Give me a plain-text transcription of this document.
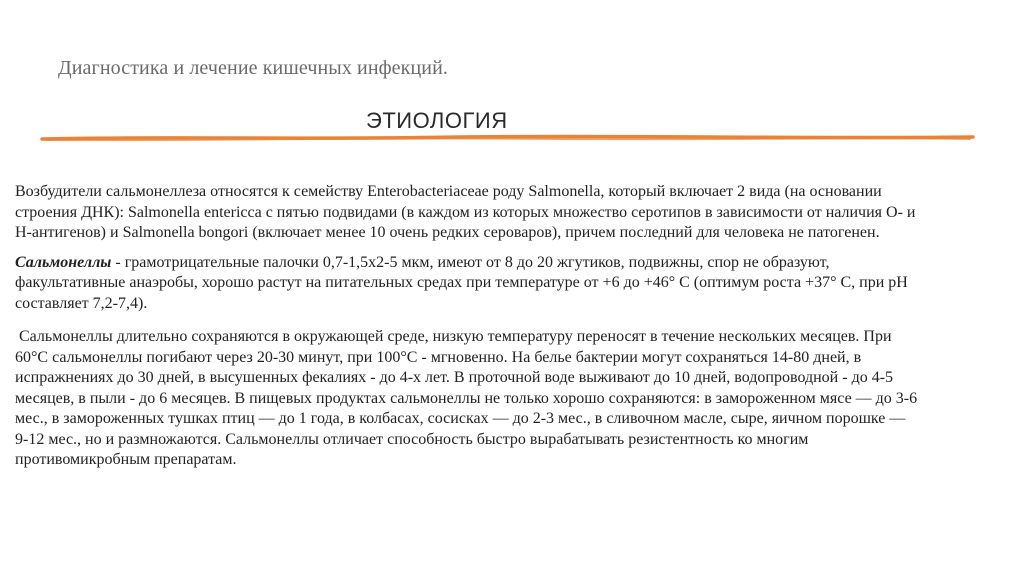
Диагностика и лечение кишечных инфекций.
ЭТИОЛОГИЯ

Возбудители сальмонеллеза относятся к семейству Enterobacteriaceae роду Salmonella, который включает 2 вида (на основании строения ДНК): Salmonella entericca с пятью подвидами (в каждом из которых множество серотипов в зависимости от наличия О- и Н-антигенов) и Salmonella bongori (включает менее 10 очень редких сероваров), причем последний для человека не патогенен.

Сальмонеллы - грамотрицательные палочки 0,7-1,5х2-5 мкм, имеют от 8 до 20 жгутиков, подвижны, спор не образуют, факультативные анаэробы, хорошо растут на питательных средах при температуре от +6 до +46° С (оптимум роста +37° С, при рН составляет 7,2-7,4).

Сальмонеллы длительно сохраняются в окружающей среде, низкую температуру переносят в течение нескольких месяцев. При 60°С сальмонеллы погибают через 20-30 минут, при 100°С - мгновенно. На белье бактерии могут сохраняться 14-80 дней, в испражнениях до 30 дней, в высушенных фекалиях - до 4-х лет. В проточной воде выживают до 10 дней, водопроводной - до 4-5 месяцев, в пыли - до 6 месяцев. В пищевых продуктах сальмонеллы не только хорошо сохраняются: в замороженном мясе — до 3-6 мес., в замороженных тушках птиц — до 1 года, в колбасах, сосисках — до 2-3 мес., в сливочном масле, сыре, яичном порошке — 9-12 мес., но и размножаются. Сальмонеллы отличает способность быстро вырабатывать резистентность ко многим противомикробным препаратам.
